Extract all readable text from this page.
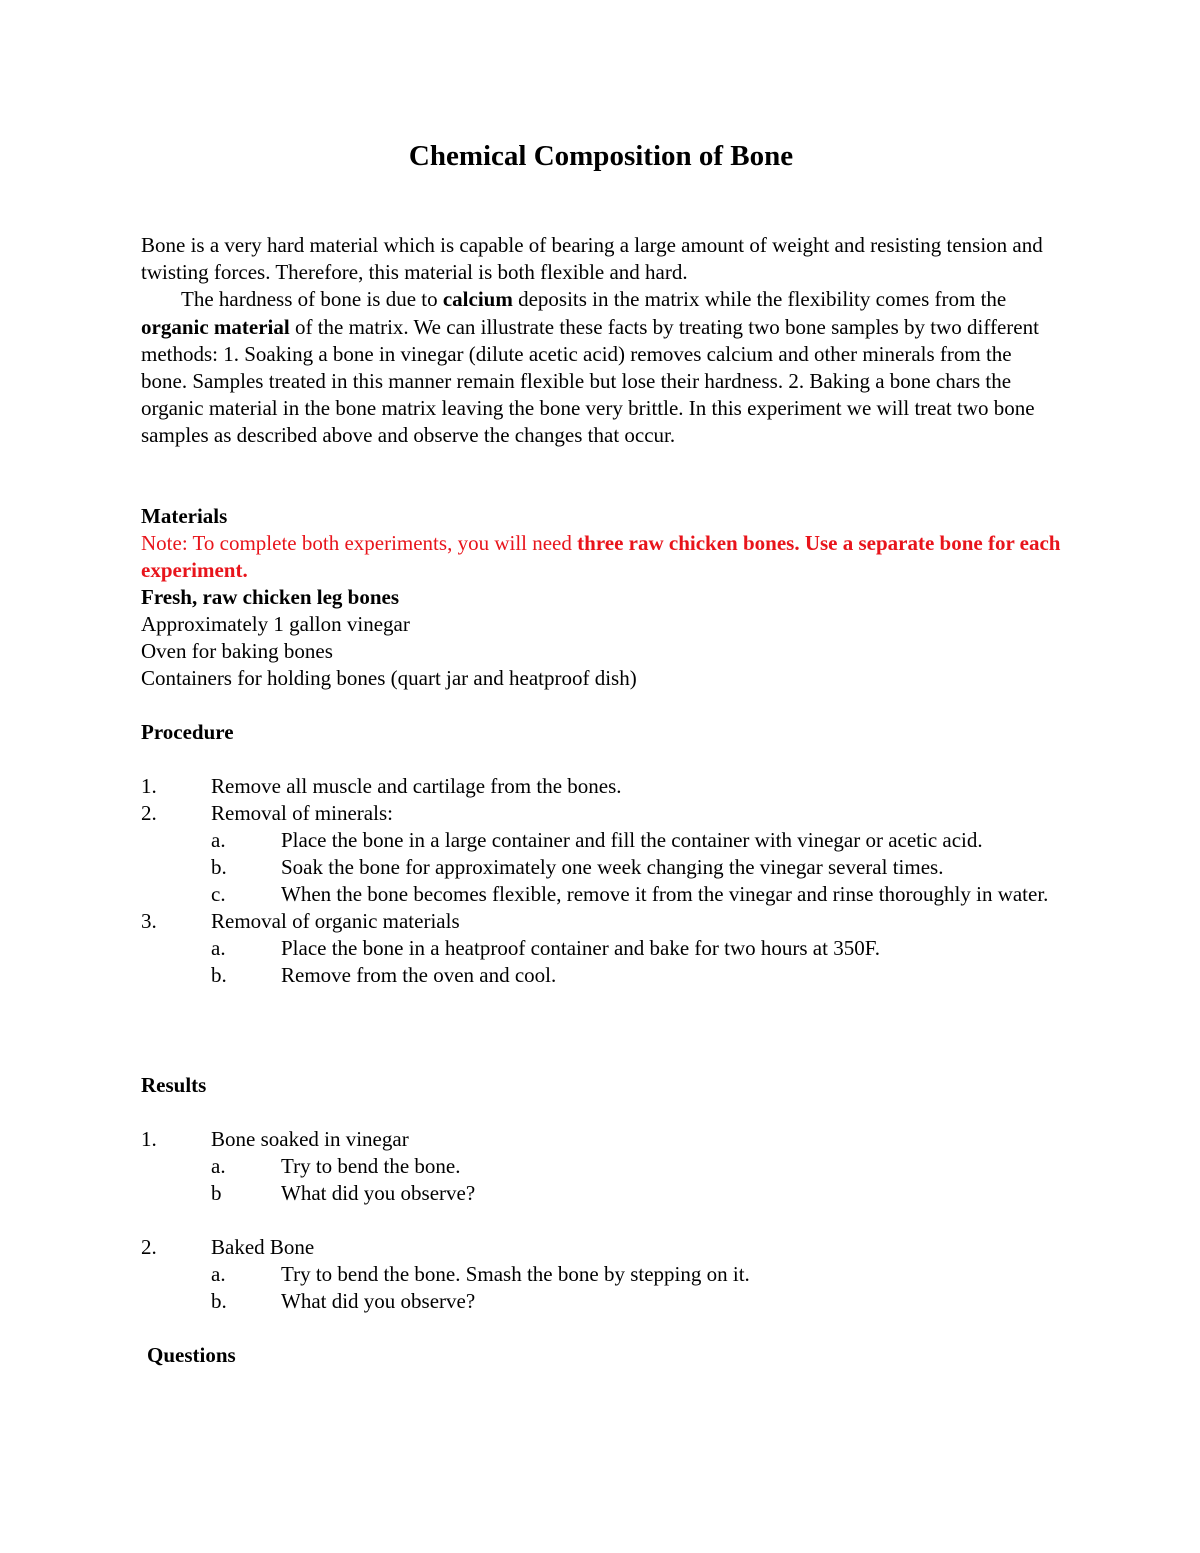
Chemical Composition of Bone

Bone is a very hard material which is capable of bearing a large amount of weight and resisting tension and twisting forces. Therefore, this material is both flexible and hard.

The hardness of bone is due to calcium deposits in the matrix while the flexibility comes from the organic material of the matrix. We can illustrate these facts by treating two bone samples by two different methods: 1. Soaking a bone in vinegar (dilute acetic acid) removes calcium and other minerals from the bone. Samples treated in this manner remain flexible but lose their hardness. 2. Baking a bone chars the organic material in the bone matrix leaving the bone very brittle. In this experiment we will treat two bone samples as described above and observe the changes that occur.

Materials

Note: To complete both experiments, you will need three raw chicken bones. Use a separate bone for each experiment.

Fresh, raw chicken leg bones

Approximately 1 gallon vinegar

Oven for baking bones

Containers for holding bones (quart jar and heatproof dish)

Procedure

1.	Remove all muscle and cartilage from the bones.
2.	Removal of minerals:
a.	Place the bone in a large container and fill the container with vinegar or acetic acid.
b.	Soak the bone for approximately one week changing the vinegar several times.
c.	When the bone becomes flexible, remove it from the vinegar and rinse thoroughly in water.
3.	Removal of organic materials
a.	Place the bone in a heatproof container and bake for two hours at 350F.
b.	Remove from the oven and cool.

Results

1.	Bone soaked in vinegar
a.	Try to bend the bone.
b	What did you observe?
2.	Baked Bone
a.	Try to bend the bone. Smash the bone by stepping on it.
b.	What did you observe?

Questions
